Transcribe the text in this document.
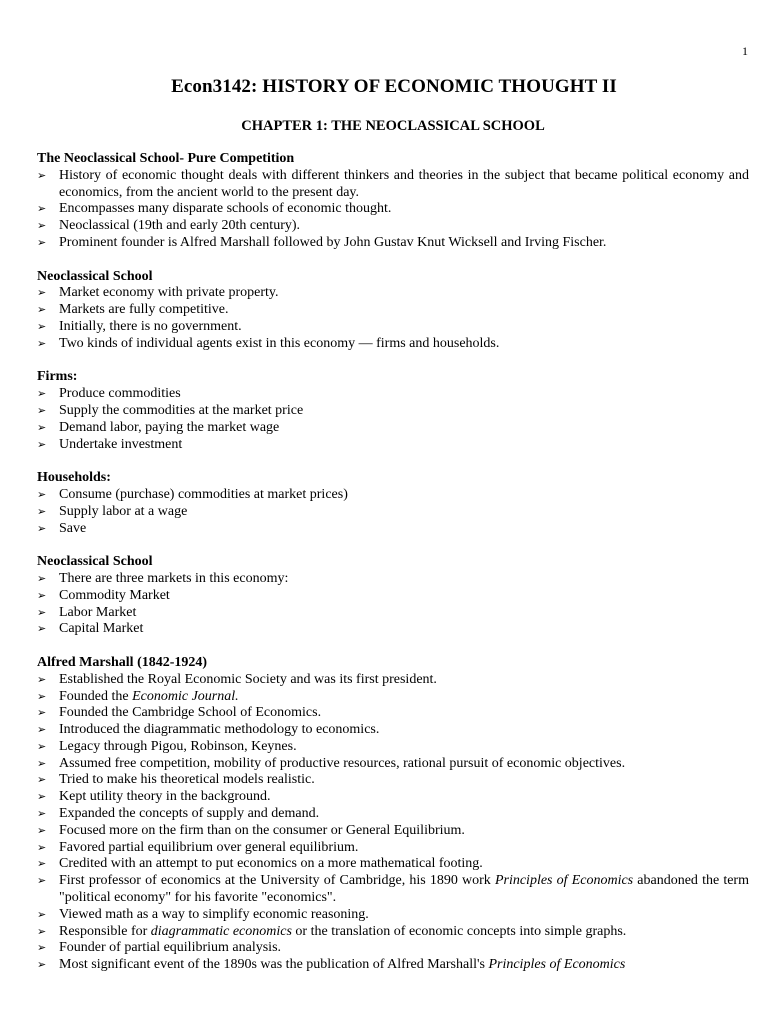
1
Econ3142: HISTORY OF ECONOMIC THOUGHT II
CHAPTER 1: THE NEOCLASSICAL SCHOOL
The Neoclassical School- Pure Competition
➢ History of economic thought deals with different thinkers and theories in the subject that became political economy and economics, from the ancient world to the present day.
➢ Encompasses many disparate schools of economic thought.
➢ Neoclassical (19th and early 20th century).
➢ Prominent founder is Alfred Marshall followed by John Gustav Knut Wicksell and Irving Fischer.
Neoclassical School
➢ Market economy with private property.
➢ Markets are fully competitive.
➢ Initially, there is no government.
➢ Two kinds of individual agents exist in this economy — firms and households.
Firms:
➢ Produce commodities
➢ Supply the commodities at the market price
➢ Demand labor, paying the market wage
➢ Undertake investment
Households:
➢ Consume (purchase) commodities at market prices)
➢ Supply labor at a wage
➢ Save
Neoclassical School
➢ There are three markets in this economy:
➢ Commodity Market
➢ Labor Market
➢ Capital Market
Alfred Marshall (1842-1924)
➢ Established the Royal Economic Society and was its first president.
➢ Founded the Economic Journal.
➢ Founded the Cambridge School of Economics.
➢ Introduced the diagrammatic methodology to economics.
➢ Legacy through Pigou, Robinson, Keynes.
➢ Assumed free competition, mobility of productive resources, rational pursuit of economic objectives.
➢ Tried to make his theoretical models realistic.
➢ Kept utility theory in the background.
➢ Expanded the concepts of supply and demand.
➢ Focused more on the firm than on the consumer or General Equilibrium.
➢ Favored partial equilibrium over general equilibrium.
➢ Credited with an attempt to put economics on a more mathematical footing.
➢ First professor of economics at the University of Cambridge, his 1890 work Principles of Economics abandoned the term "political economy" for his favorite "economics".
➢ Viewed math as a way to simplify economic reasoning.
➢ Responsible for diagrammatic economics or the translation of economic concepts into simple graphs.
➢ Founder of partial equilibrium analysis.
➢ Most significant event of the 1890s was the publication of Alfred Marshall's Principles of Economics
